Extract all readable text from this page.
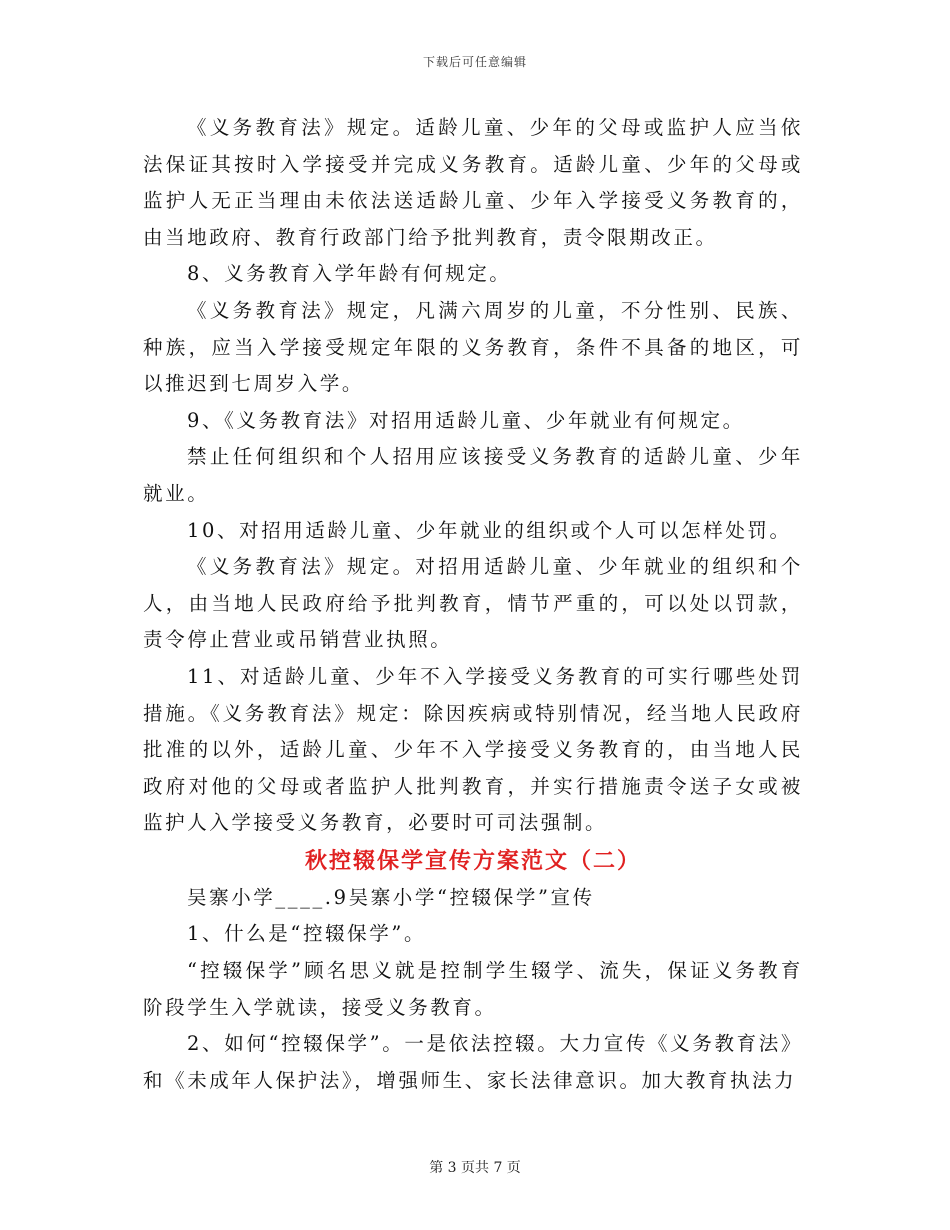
下载后可任意编辑

《义务教育法》规定。适龄儿童、少年的父母或监护人应当依法保证其按时入学接受并完成义务教育。适龄儿童、少年的父母或监护人无正当理由未依法送适龄儿童、少年入学接受义务教育的，由当地政府、教育行政部门给予批判教育，责令限期改正。

8、义务教育入学年龄有何规定。

《义务教育法》规定，凡满六周岁的儿童，不分性别、民族、种族，应当入学接受规定年限的义务教育，条件不具备的地区，可以推迟到七周岁入学。

9、《义务教育法》对招用适龄儿童、少年就业有何规定。

禁止任何组织和个人招用应该接受义务教育的适龄儿童、少年就业。

10、对招用适龄儿童、少年就业的组织或个人可以怎样处罚。

《义务教育法》规定。对招用适龄儿童、少年就业的组织和个人，由当地人民政府给予批判教育，情节严重的，可以处以罚款，责令停止营业或吊销营业执照。

11、对适龄儿童、少年不入学接受义务教育的可实行哪些处罚措施。《义务教育法》规定：除因疾病或特别情况，经当地人民政府批准的以外，适龄儿童、少年不入学接受义务教育的，由当地人民政府对他的父母或者监护人批判教育，并实行措施责令送子女或被监护人入学接受义务教育，必要时可司法强制。

秋控辍保学宣传方案范文（二）

吴寨小学____.9吴寨小学“控辍保学”宣传

1、什么是“控辍保学”。

“控辍保学”顾名思义就是控制学生辍学、流失，保证义务教育阶段学生入学就读，接受义务教育。

2、如何“控辍保学”。一是依法控辍。大力宣传《义务教育法》和《未成年人保护法》，增强师生、家长法律意识。加大教育执法力

第 3 页共 7 页
